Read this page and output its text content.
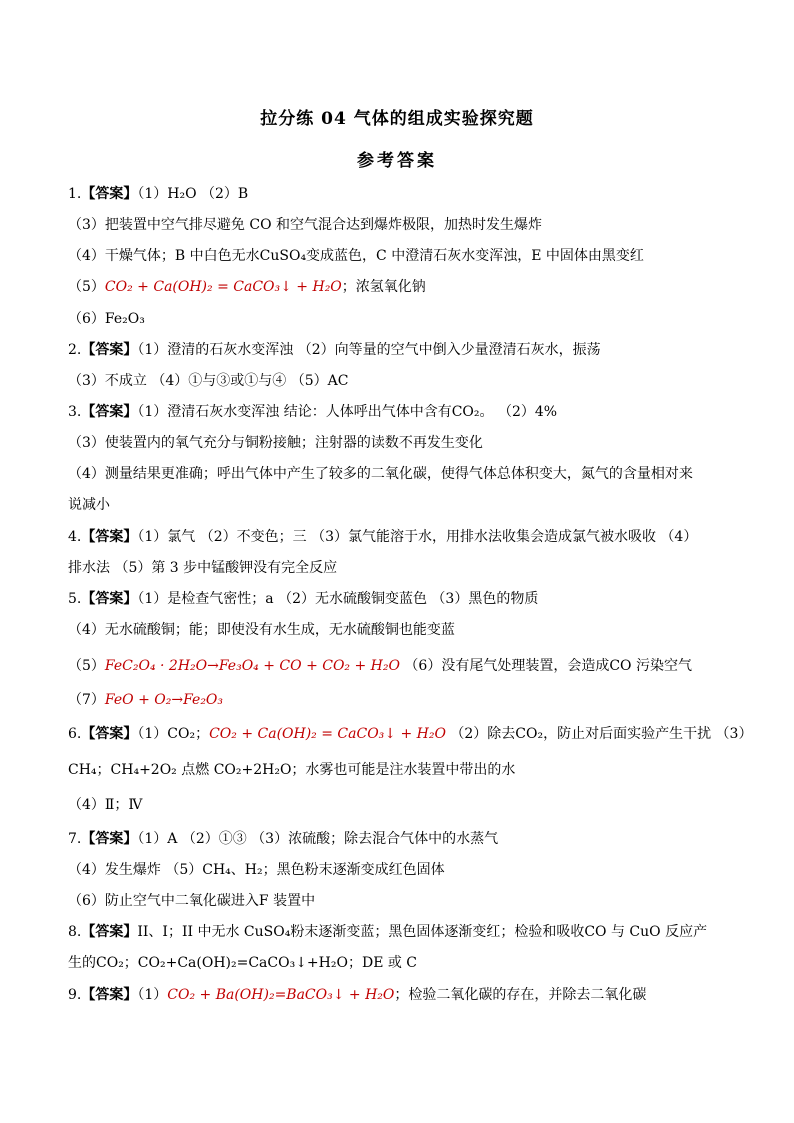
拉分练 04 气体的组成实验探究题
参考答案
1.【答案】（1）H₂O （2）B
（3）把装置中空气排尽避免 CO 和空气混合达到爆炸极限，加热时发生爆炸
（4）干燥气体；B 中白色无水CuSO₄变成蓝色，C 中澄清石灰水变浑浊，E 中固体由黑变红
（5）CO₂ + Ca(OH)₂ = CaCO₃↓ + H₂O；浓氢氧化钠
（6）Fe₂O₃
2.【答案】（1）澄清的石灰水变浑浊 （2）向等量的空气中倒入少量澄清石灰水，振荡
（3）不成立 （4）①与③或①与④ （5）AC
3.【答案】（1）澄清石灰水变浑浊 结论：人体呼出气体中含有CO₂。 （2）4%
（3）使装置内的氧气充分与铜粉接触；注射器的读数不再发生变化
（4）测量结果更准确；呼出气体中产生了较多的二氧化碳，使得气体总体积变大，氮气的含量相对来
说减小
4.【答案】（1）氯气 （2）不变色；三 （3）氯气能溶于水，用排水法收集会造成氯气被水吸收 （4）
排水法 （5）第 3 步中锰酸钾没有完全反应
5.【答案】（1）是检查气密性；a （2）无水硫酸铜变蓝色 （3）黑色的物质
（4）无水硫酸铜；能；即使没有水生成，无水硫酸铜也能变蓝
（5）FeC₂O₄ · 2H₂O→Fe₃O₄ + CO + CO₂ + H₂O （6）没有尾气处理装置，会造成CO 污染空气
（7）FeO + O₂→Fe₂O₃
6.【答案】（1）CO₂；CO₂ + Ca(OH)₂ = CaCO₃↓ + H₂O （2）除去CO₂，防止对后面实验产生干扰 （3）
CH₄；CH₄+2O₂ 点燃 CO₂+2H₂O；水雾也可能是注水装置中带出的水
（4）Ⅱ；Ⅳ
7.【答案】（1）A （2）①③ （3）浓硫酸；除去混合气体中的水蒸气
（4）发生爆炸 （5）CH₄、H₂；黑色粉末逐渐变成红色固体
（6）防止空气中二氧化碳进入F 装置中
8.【答案】II、I；II 中无水 CuSO₄粉末逐渐变蓝；黑色固体逐渐变红；检验和吸收CO 与 CuO 反应产
生的CO₂；CO₂+Ca(OH)₂=CaCO₃↓+H₂O；DE 或 C
9.【答案】（1）CO₂ + Ba(OH)₂=BaCO₃↓ + H₂O；检验二氧化碳的存在，并除去二氧化碳
